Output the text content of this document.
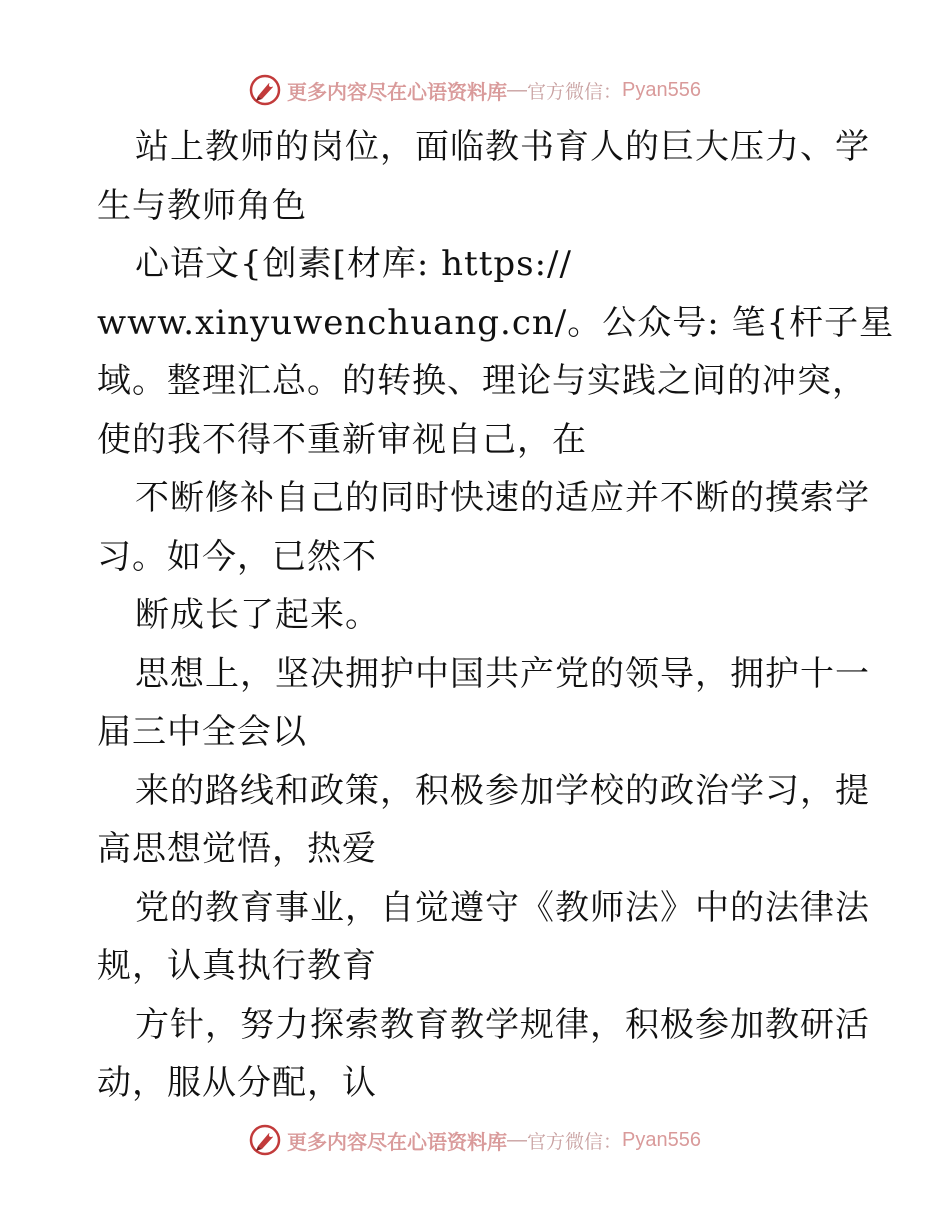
更多内容尽在心语资料库 — 官方微信： Pyan556
站上教师的岗位，面临教书育人的巨大压力、学
生与教师角色
心语文{创素[材库: https://
www.xinyuwenchuang.cn/。公众号: 笔{杆子星
域。整理汇总。的转换、理论与实践之间的冲突，
使的我不得不重新审视自己，在
不断修补自己的同时快速的适应并不断的摸索学
习。如今，已然不
断成长了起来。
思想上，坚决拥护中国共产党的领导，拥护十一
届三中全会以
来的路线和政策，积极参加学校的政治学习，提
高思想觉悟，热爱
党的教育事业，自觉遵守《教师法》中的法律法
规，认真执行教育
方针，努力探索教育教学规律，积极参加教研活
动，服从分配，认
更多内容尽在心语资料库 — 官方微信： Pyan556
